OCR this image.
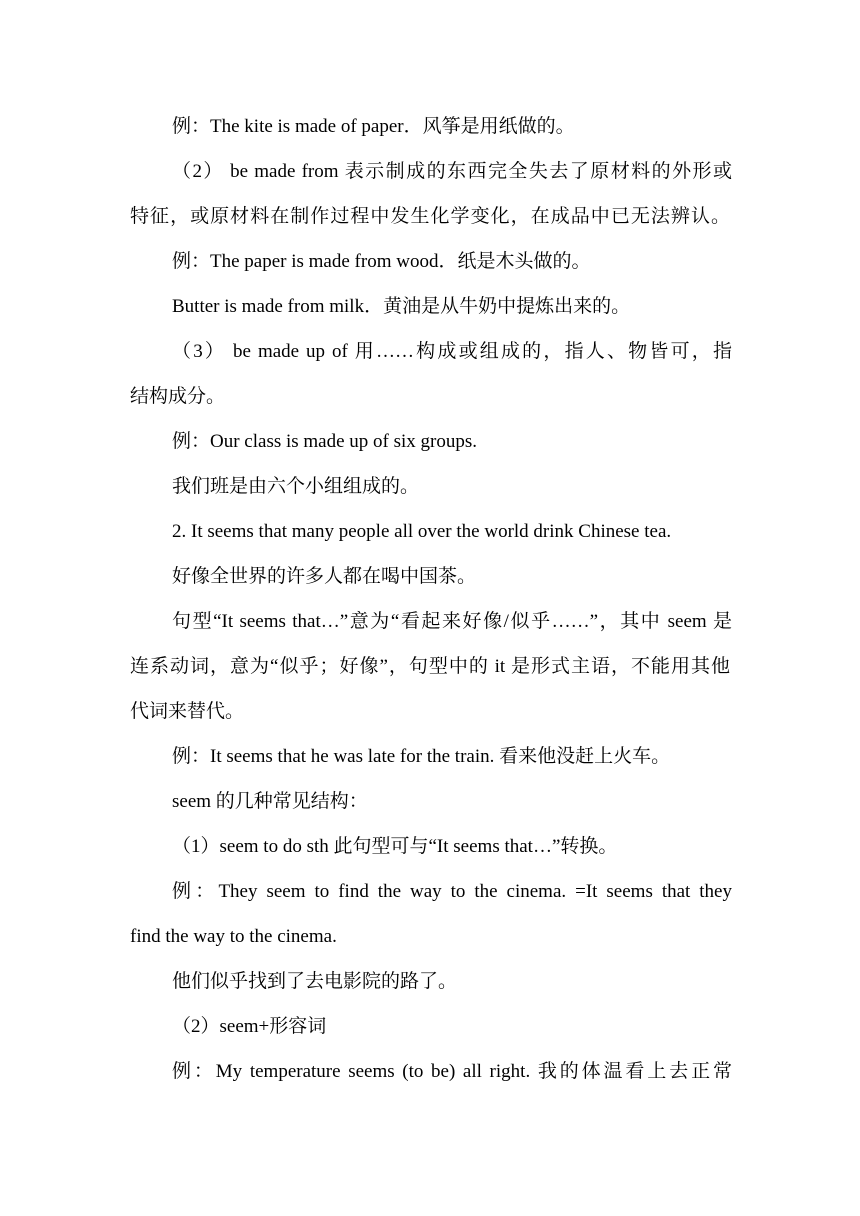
例：The kite is made of paper．风筝是用纸做的。
（2） be made from 表示制成的东西完全失去了原材料的外形或
特征，或原材料在制作过程中发生化学变化，在成品中已无法辨认。
例：The paper is made from wood．纸是木头做的。
Butter is made from milk．黄油是从牛奶中提炼出来的。
（3） be made up of 用……构成或组成的，指人、物皆可，指
结构成分。
例：Our class is made up of six groups.
我们班是由六个小组组成的。
2. It seems that many people all over the world drink Chinese tea.
好像全世界的许多人都在喝中国茶。
句型“It seems that…”意为“看起来好像/似乎……”，其中 seem 是
连系动词，意为“似乎；好像”，句型中的 it 是形式主语，不能用其他
代词来替代。
例：It seems that he was late for the train. 看来他没赶上火车。
seem 的几种常见结构：
（1）seem to do sth 此句型可与“It seems that…”转换。
例：They seem to find the way to the cinema. =It seems that they
find the way to the cinema.
他们似乎找到了去电影院的路了。
（2）seem+形容词
例：My temperature seems (to be) all right. 我的体温看上去正常
